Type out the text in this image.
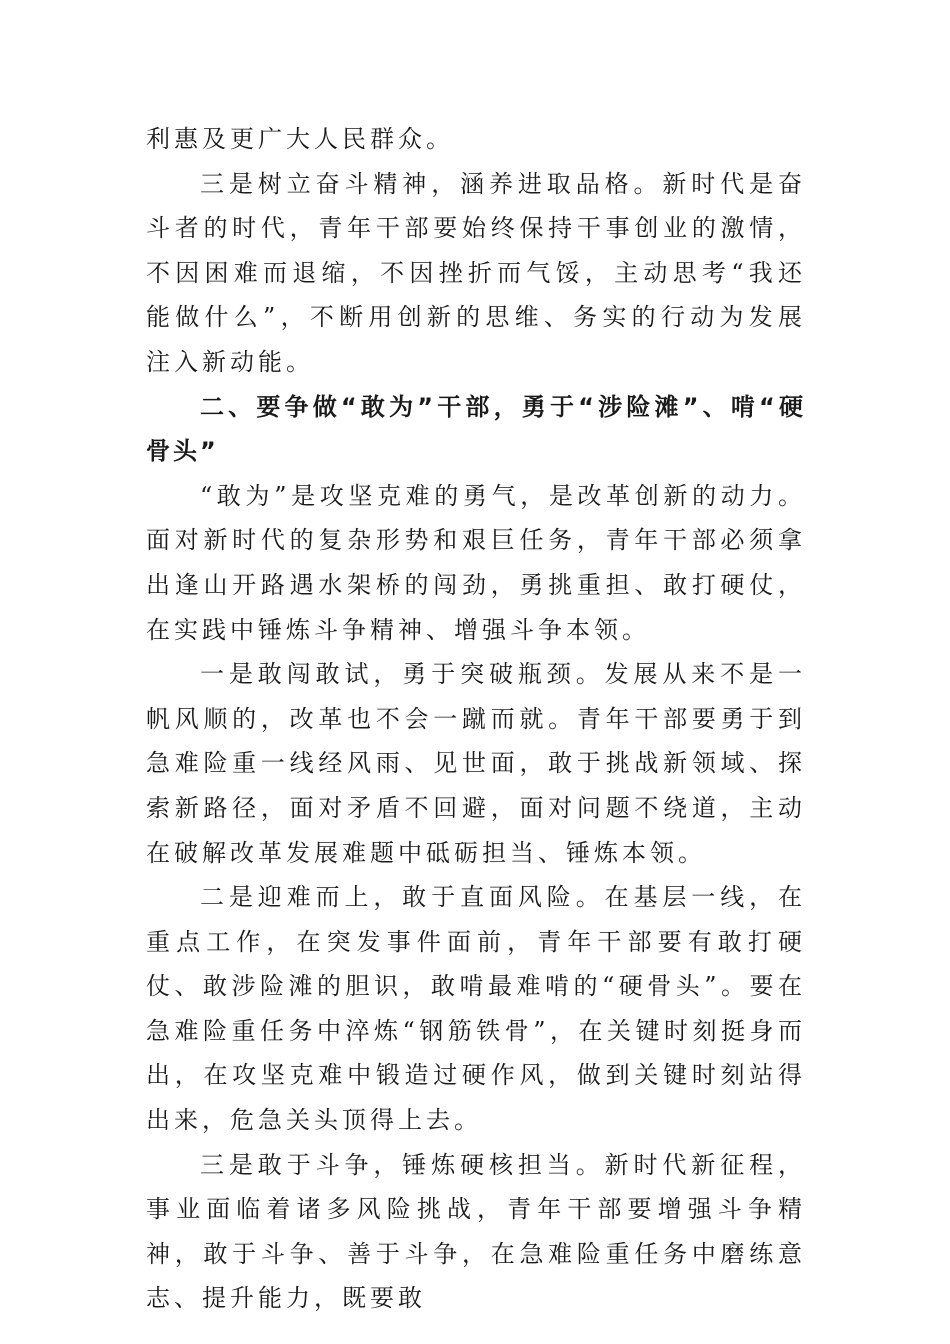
利惠及更广大人民群众。

三是树立奋斗精神，涵养进取品格。新时代是奋斗者的时代，青年干部要始终保持干事创业的激情，不因困难而退缩，不因挫折而气馁，主动思考“我还能做什么”，不断用创新的思维、务实的行动为发展注入新动能。

二、要争做“敢为”干部，勇于“涉险滩”、啃“硬骨头”

“敢为”是攻坚克难的勇气，是改革创新的动力。面对新时代的复杂形势和艰巨任务，青年干部必须拿出逢山开路遇水架桥的闯劲，勇挑重担、敢打硬仗，在实践中锤炼斗争精神、增强斗争本领。

一是敢闯敢试，勇于突破瓶颈。发展从来不是一帆风顺的，改革也不会一蹴而就。青年干部要勇于到急难险重一线经风雨、见世面，敢于挑战新领域、探索新路径，面对矛盾不回避，面对问题不绕道，主动在破解改革发展难题中砥砺担当、锤炼本领。

二是迎难而上，敢于直面风险。在基层一线，在重点工作，在突发事件面前，青年干部要有敢打硬仗、敢涉险滩的胆识，敢啃最难啃的“硬骨头”。要在急难险重任务中淬炼“钢筋铁骨”，在关键时刻挺身而出，在攻坚克难中锻造过硬作风，做到关键时刻站得出来，危急关头顶得上去。

三是敢于斗争，锤炼硬核担当。新时代新征程，事业面临着诸多风险挑战，青年干部要增强斗争精神，敢于斗争、善于斗争，在急难险重任务中磨练意志、提升能力，既要敢
